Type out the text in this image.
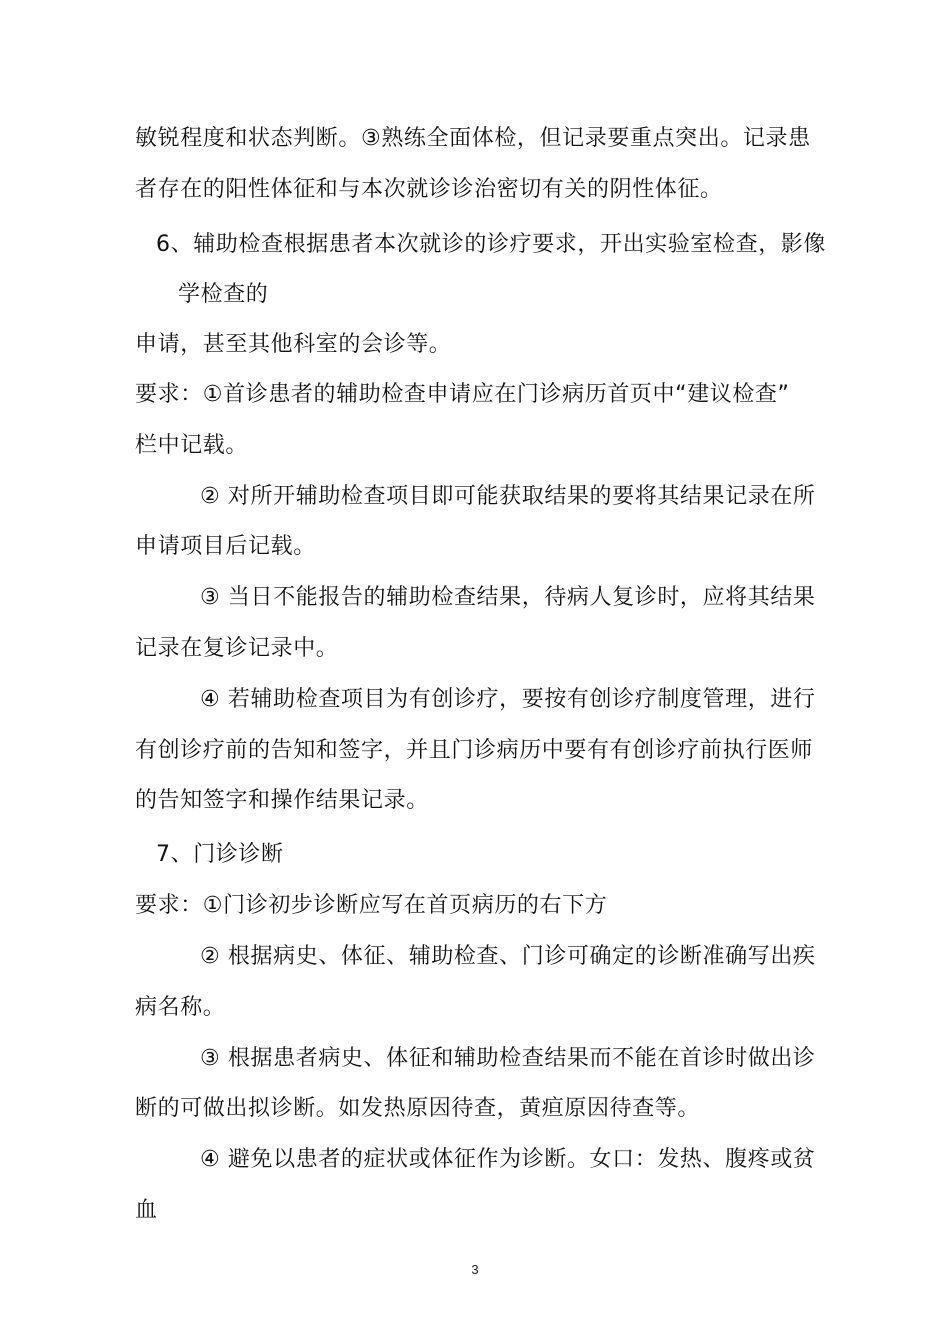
敏锐程度和状态判断。③熟练全面体检，但记录要重点突出。记录患
者存在的阳性体征和与本次就诊诊治密切有关的阴性体征。
6、辅助检查根据患者本次就诊的诊疗要求，开出实验室检查，影像
学检查的
申请，甚至其他科室的会诊等。
要求：①首诊患者的辅助检查申请应在门诊病历首页中“建议检查”
栏中记载。
② 对所开辅助检查项目即可能获取结果的要将其结果记录在所
申请项目后记载。
③ 当日不能报告的辅助检查结果，待病人复诊时，应将其结果
记录在复诊记录中。
④ 若辅助检查项目为有创诊疗，要按有创诊疗制度管理，进行
有创诊疗前的告知和签字，并且门诊病历中要有有创诊疗前执行医师
的告知签字和操作结果记录。
7、门诊诊断
要求：①门诊初步诊断应写在首页病历的右下方
② 根据病史、体征、辅助检查、门诊可确定的诊断准确写出疾
病名称。
③ 根据患者病史、体征和辅助检查结果而不能在首诊时做出诊
断的可做出拟诊断。如发热原因待查，黄疸原因待查等。
④ 避免以患者的症状或体征作为诊断。女口：发热、腹疼或贫
血
3
